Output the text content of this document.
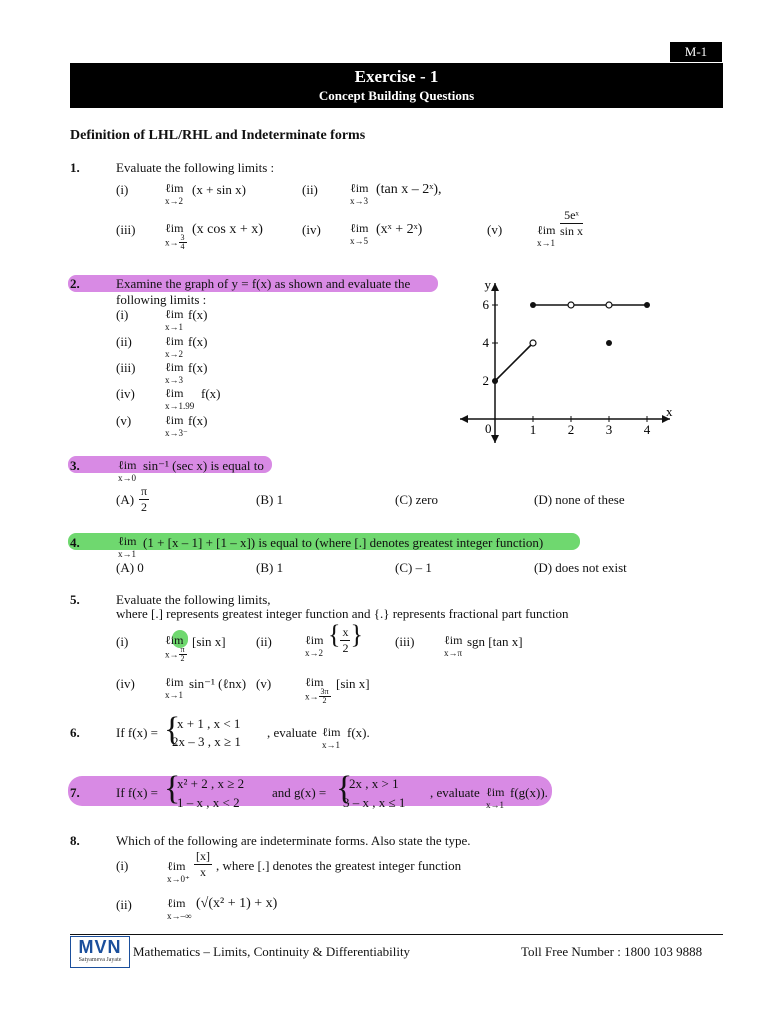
M-1
Exercise - 1
Concept Building Questions
Definition of LHL/RHL and Indeterminate forms
1.	Evaluate the following limits :
(i)	ℓim
x→2
(x + sin x)	(ii)	ℓim
x→3
(tan x – 2ˣ),
(iii) ℓim
$x\to \frac{3}{4}$
(x cos x + x)	(iv) ℓim
x→5
(xˣ + 2ˣ)	(v)	ℓim
x→1
$\frac{\text{5eˣ}}{\text{sin x}}$
2.	Examine the graph of y = f(x) as shown and evaluate the
following limits :
(i)	ℓim
x→1
f(x)
(ii)	ℓim
x→2
f(x)
(iii) ℓim
x→3
f(x)
(iv)	ℓim
x→1.99
f(x)
(v)	ℓim
x→3⁻
f(x)
y
x
0	1 2 3 4
2
4
6
3.	ℓim
x→0
sin⁻¹ (sec x) is equal to
$(A) \frac{\pi}{2}$	(B) 1	(C) zero	(D) none of these
4.	ℓim
x→1
(1 + [x – 1] + [1 – x]) is equal to (where [.] denotes greatest integer function)
(A) 0	(B) 1	(C) – 1	(D) does not exist
5.	Evaluate the following limits,
where [.] represents greatest integer function and {.} represents fractional part function
(i)	ℓim
$x\to \frac{\pi}{2}$
[sin x] (ii)	ℓim
x→2
{ $\frac{x}{2}$ } (iii) ℓim
x→π
sgn [tan x]
(iv)	ℓim
x→1
sin⁻¹ (ℓnx) (v)	ℓim
$x\to \frac{3\pi}{2}$
[sin x]
6.	If f(x) = {
x + 1 , x < 1
2x – 3 , x ≥ 1
, evaluate ℓim
x→1
f(x).
7.	If f(x) = {
x² + 2 , x ≥ 2
1 – x , x < 2
and g(x) = {
2x , x > 1
3 – x , x ≤ 1
, evaluate ℓim
x→1
f(g(x)).
8.	Which of the following are indeterminate forms. Also state the type.
(i)	ℓim
$x\to 0^+ \frac{[x]}{x}$ , where [.] denotes the greatest integer function
(ii)	ℓim
x→–∞
(√(x² + 1) + x)
MVN
Satyameva Jayate
Mathematics – Limits, Continuity & Differentiability	Toll Free Number : 1800 103 9888
